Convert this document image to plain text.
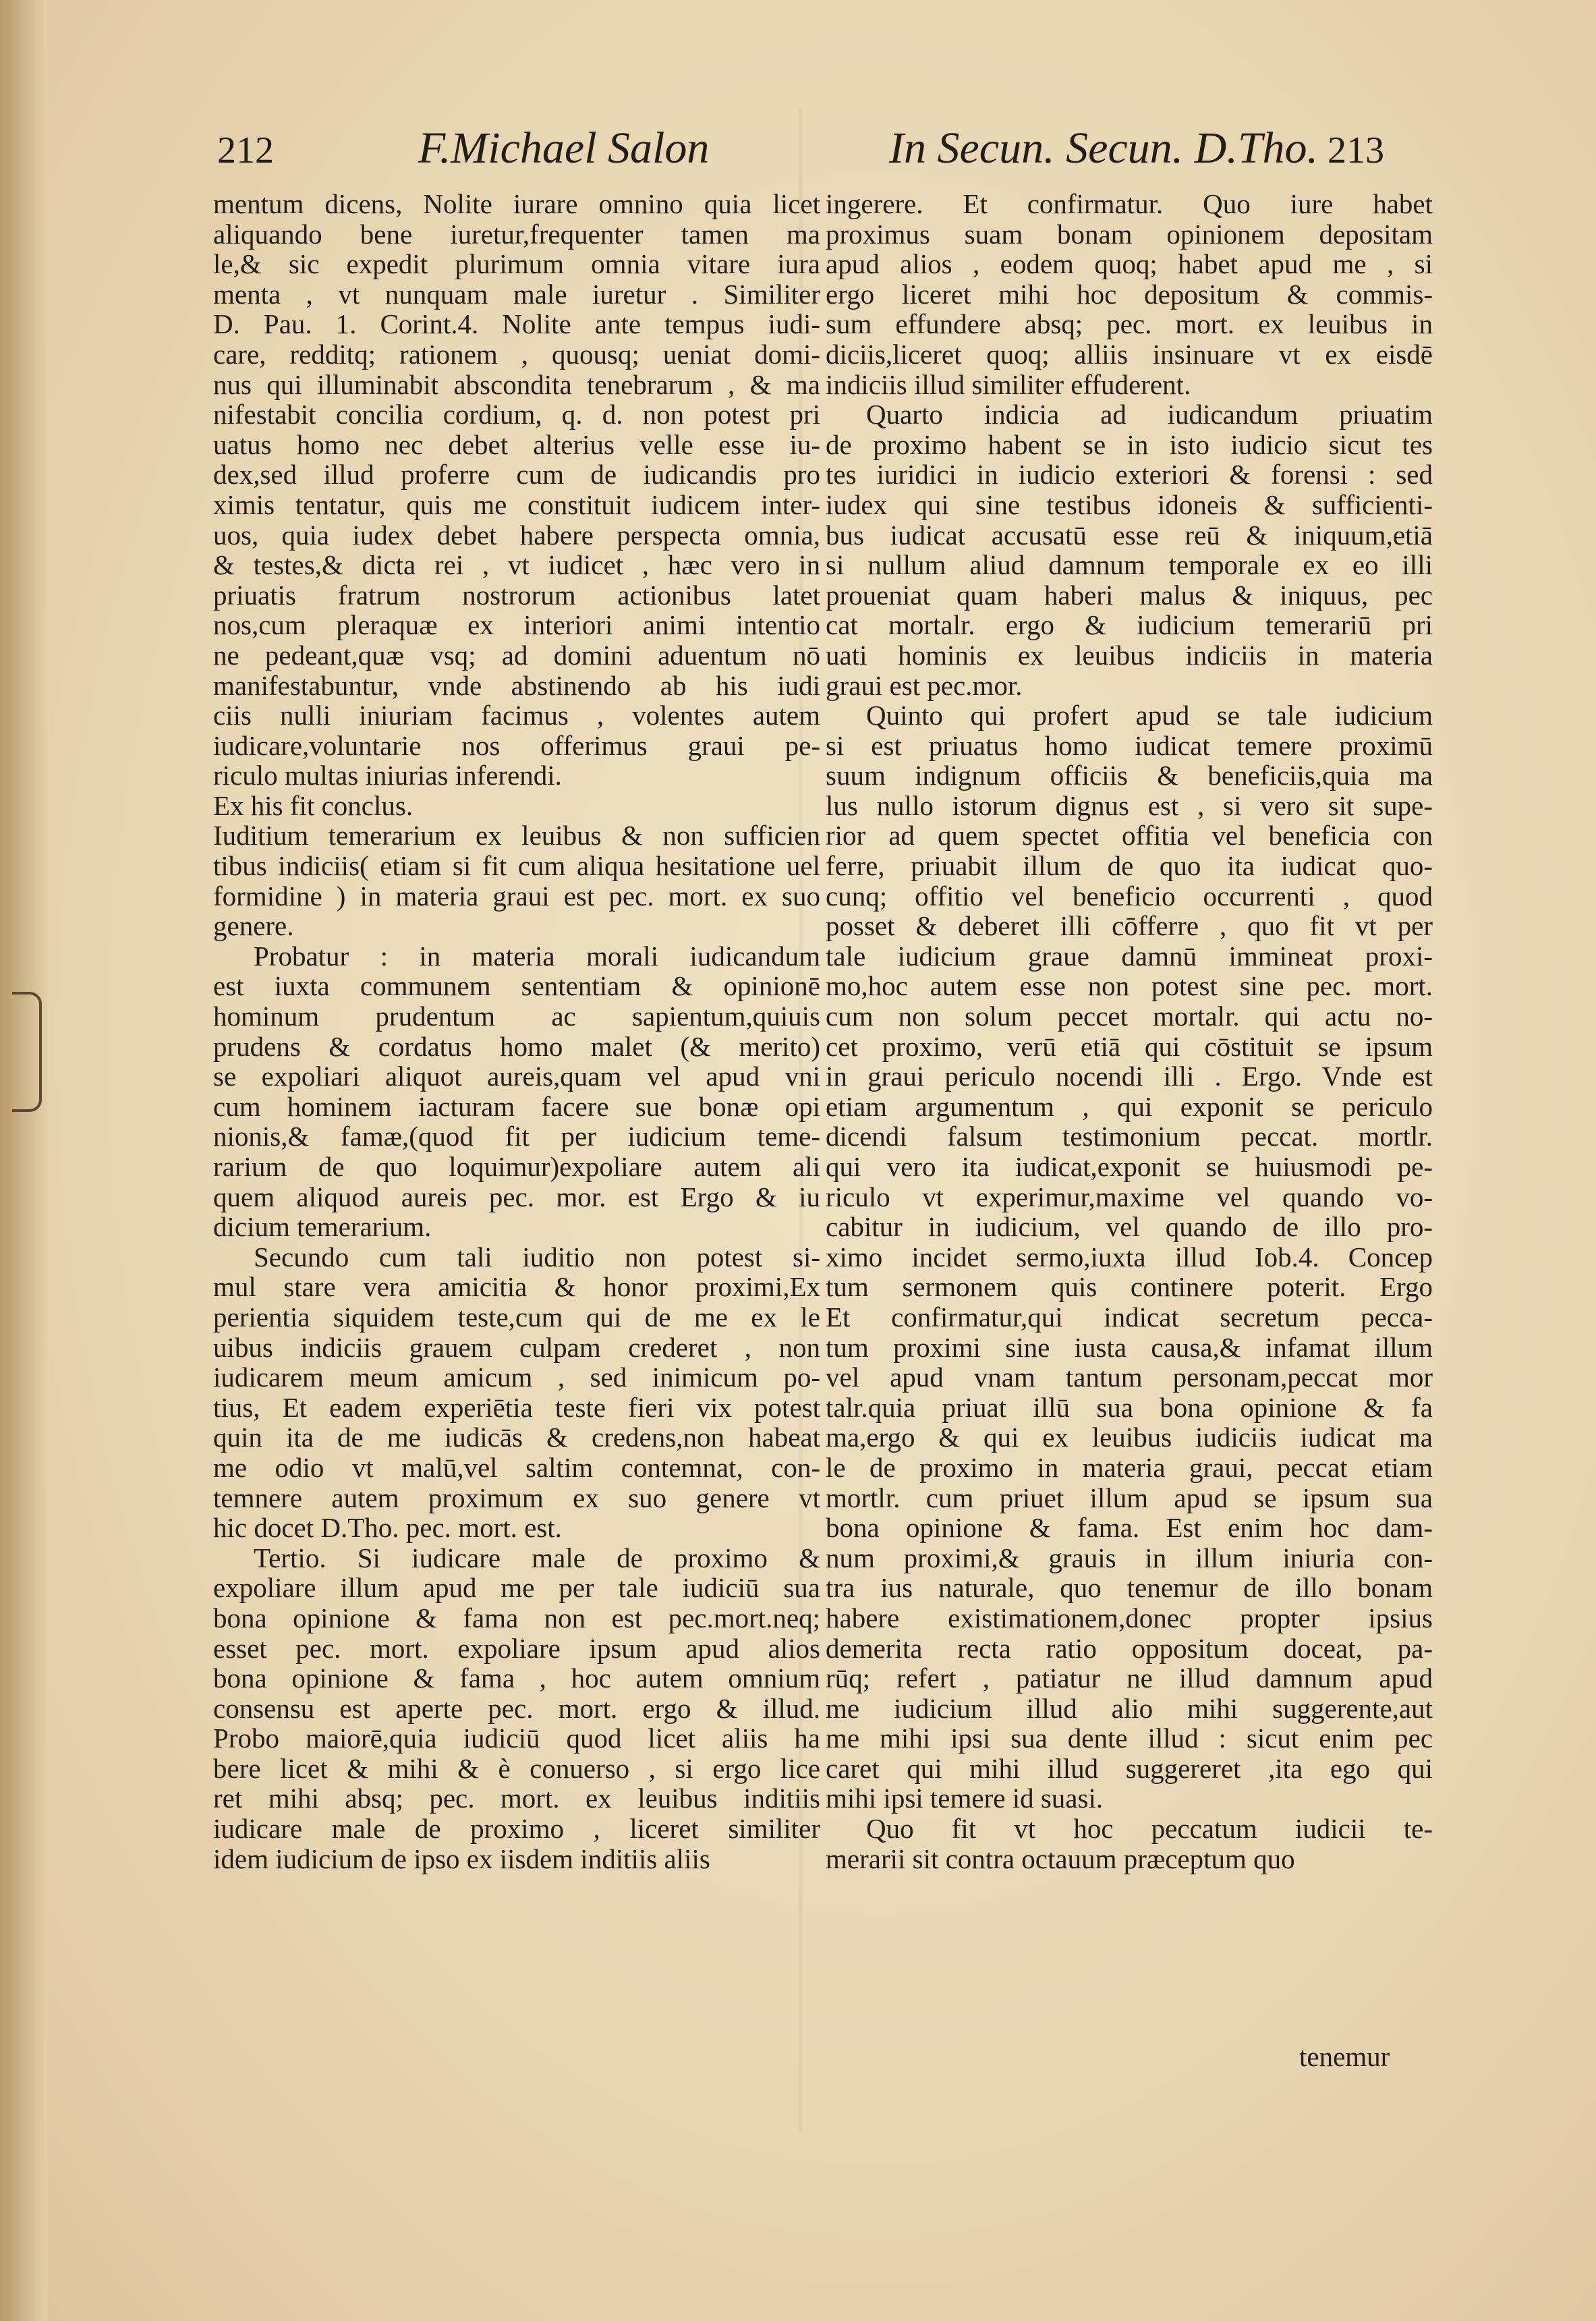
212	F.Michael Salon	In Secun. Secun. D.Tho. 213
mentum dicens, Nolite iurare omnino quia licet
aliquando bene iuretur,frequenter tamen ma
le,& sic expedit plurimum omnia vitare iura
menta , vt nunquam male iuretur . Similiter
D. Pau. 1. Corint.4. Nolite ante tempus iudi-
care, redditq; rationem , quousq; ueniat domi-
nus qui illuminabit abscondita tenebrarum , & ma
nifestabit concilia cordium, q. d. non potest pri
uatus homo nec debet alterius velle esse iu-
dex,sed illud proferre cum de iudicandis pro
ximis tentatur, quis me constituit iudicem inter-
uos, quia iudex debet habere perspecta omnia,
& testes,& dicta rei , vt iudicet , hæc vero in
priuatis fratrum nostrorum actionibus latet
nos,cum pleraquæ ex interiori animi intentio
ne pedeant,quæ vsq; ad domini aduentum nō
manifestabuntur, vnde abstinendo ab his iudi
ciis nulli iniuriam facimus , volentes autem
iudicare,voluntarie nos offerimus graui pe-
riculo multas iniurias inferendi.
Ex his fit conclus.
Iuditium temerarium ex leuibus & non sufficien
tibus indiciis( etiam si fit cum aliqua hesitatione uel
formidine ) in materia graui est pec. mort. ex suo
genere.
Probatur : in materia morali iudicandum
est iuxta communem sententiam & opinionē
hominum prudentum ac sapientum,quiuis
prudens & cordatus homo malet (& merito)
se expoliari aliquot aureis,quam vel apud vni
cum hominem iacturam facere sue bonæ opi
nionis,& famæ,(quod fit per iudicium teme-
rarium de quo loquimur)expoliare autem ali
quem aliquod aureis pec. mor. est Ergo & iu
dicium temerarium.
Secundo cum tali iuditio non potest si-
mul stare vera amicitia & honor proximi,Ex
perientia siquidem teste,cum qui de me ex le
uibus indiciis grauem culpam crederet , non
iudicarem meum amicum , sed inimicum po-
tius, Et eadem experiētia teste fieri vix potest
quin ita de me iudicās & credens,non habeat
me odio vt malū,vel saltim contemnat, con-
temnere autem proximum ex suo genere vt
hic docet D.Tho. pec. mort. est.
Tertio. Si iudicare male de proximo &
expoliare illum apud me per tale iudiciū sua
bona opinione & fama non est pec.mort.neq;
esset pec. mort. expoliare ipsum apud alios
bona opinione & fama , hoc autem omnium
consensu est aperte pec. mort. ergo & illud.
Probo maiorē,quia iudiciū quod licet aliis ha
bere licet & mihi & è conuerso , si ergo lice
ret mihi absq; pec. mort. ex leuibus inditiis
iudicare male de proximo , liceret similiter
idem iudicium de ipso ex iisdem inditiis aliis
ingerere. Et confirmatur. Quo iure habet
proximus suam bonam opinionem depositam
apud alios , eodem quoq; habet apud me , si
ergo liceret mihi hoc depositum & commis-
sum effundere absq; pec. mort. ex leuibus in
diciis,liceret quoq; alliis insinuare vt ex eisdē
indiciis illud similiter effuderent.
Quarto indicia ad iudicandum priuatim
de proximo habent se in isto iudicio sicut tes
tes iuridici in iudicio exteriori & forensi : sed
iudex qui sine testibus idoneis & sufficienti-
bus iudicat accusatū esse reū & iniquum,etiā
si nullum aliud damnum temporale ex eo illi
proueniat quam haberi malus & iniquus, pec
cat mortalr. ergo & iudicium temerariū pri
uati hominis ex leuibus indiciis in materia
graui est pec.mor.
Quinto qui profert apud se tale iudicium
si est priuatus homo iudicat temere proximū
suum indignum officiis & beneficiis,quia ma
lus nullo istorum dignus est , si vero sit supe-
rior ad quem spectet offitia vel beneficia con
ferre, priuabit illum de quo ita iudicat quo-
cunq; offitio vel beneficio occurrenti , quod
posset & deberet illi cōfferre , quo fit vt per
tale iudicium graue damnū immineat proxi-
mo,hoc autem esse non potest sine pec. mort.
cum non solum peccet mortalr. qui actu no-
cet proximo, verū etiā qui cōstituit se ipsum
in graui periculo nocendi illi . Ergo. Vnde est
etiam argumentum , qui exponit se periculo
dicendi falsum testimonium peccat. mortlr.
qui vero ita iudicat,exponit se huiusmodi pe-
riculo vt experimur,maxime vel quando vo-
cabitur in iudicium, vel quando de illo pro-
ximo incidet sermo,iuxta illud Iob.4. Concep
tum sermonem quis continere poterit. Ergo
Et confirmatur,qui indicat secretum pecca-
tum proximi sine iusta causa,& infamat illum
vel apud vnam tantum personam,peccat mor
talr.quia priuat illū sua bona opinione & fa
ma,ergo & qui ex leuibus iudiciis iudicat ma
le de proximo in materia graui, peccat etiam
mortlr. cum priuet illum apud se ipsum sua
bona opinione & fama. Est enim hoc dam-
num proximi,& grauis in illum iniuria con-
tra ius naturale, quo tenemur de illo bonam
habere existimationem,donec propter ipsius
demerita recta ratio oppositum doceat, pa-
rūq; refert , patiatur ne illud damnum apud
me iudicium illud alio mihi suggerente,aut
me mihi ipsi sua dente illud : sicut enim pec
caret qui mihi illud suggereret ,ita ego qui
mihi ipsi temere id suasi.
Quo fit vt hoc peccatum iudicii te-
merarii sit contra octauum præceptum quo
tenemur
